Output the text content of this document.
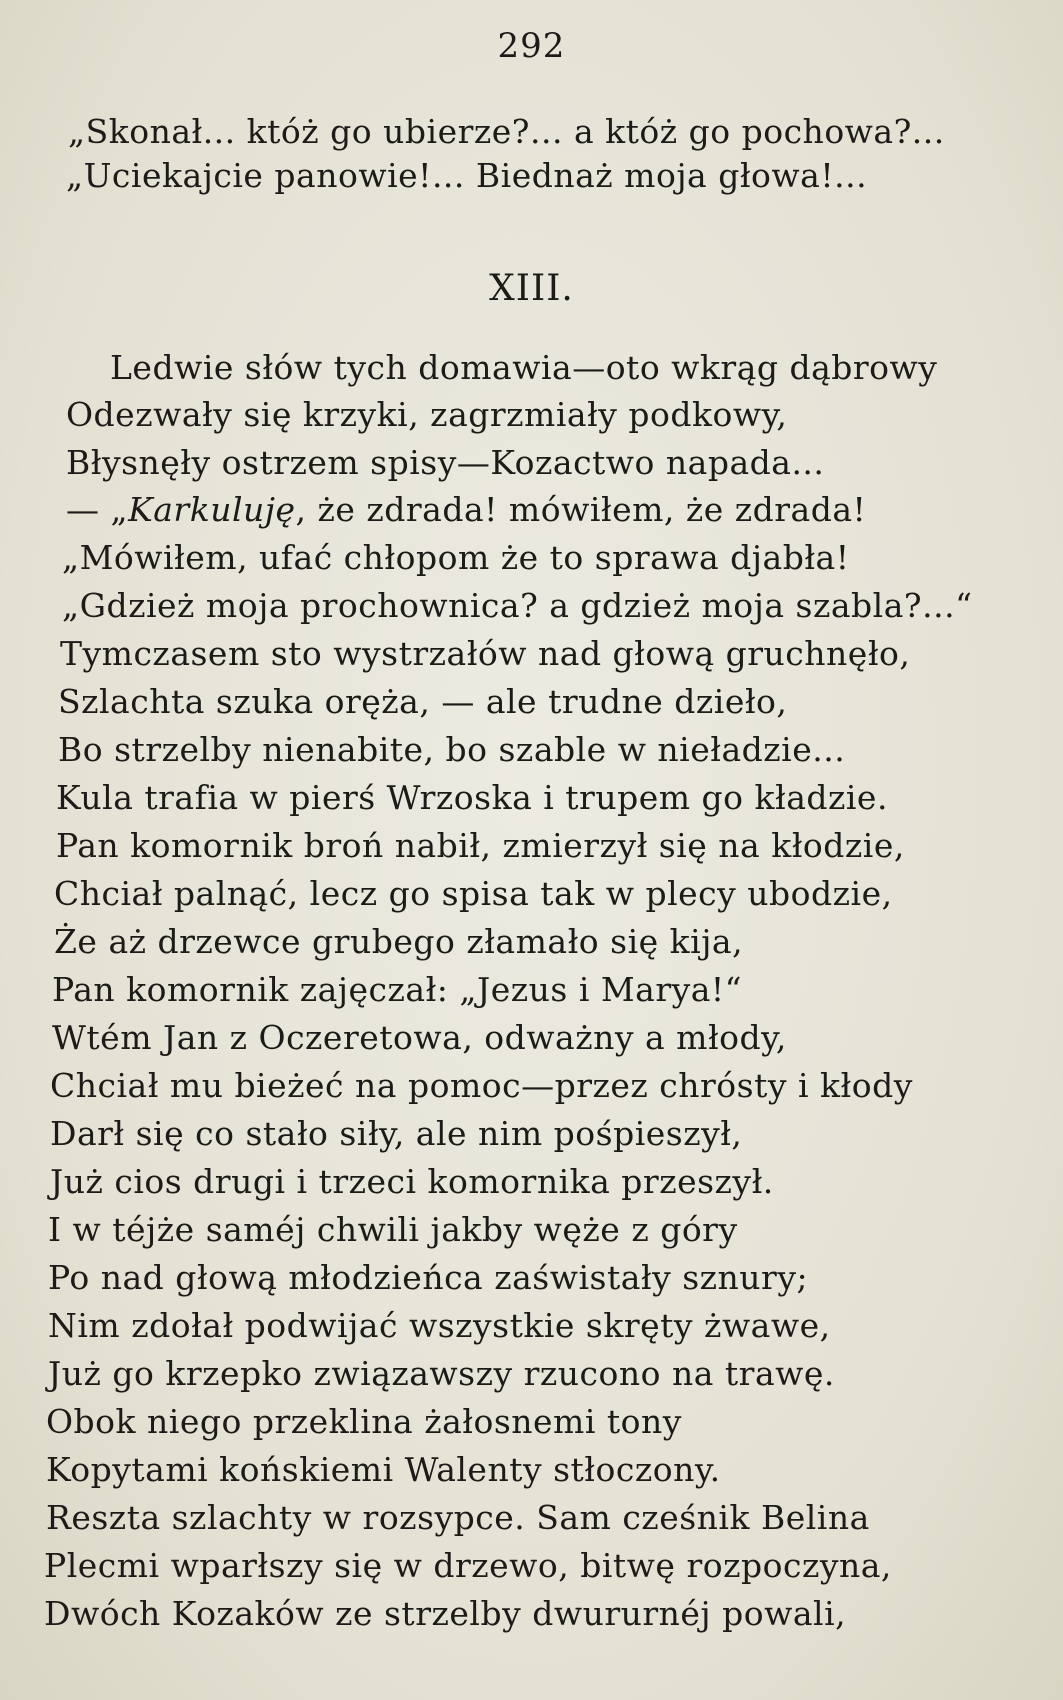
292
„Skonał... któż go ubierze?... a któż go pochowa?...
„Uciekajcie panowie!... Biednaż moja głowa!...
XIII.
Ledwie słów tych domawia—oto wkrąg dąbrowy
Odezwały się krzyki, zagrzmiały podkowy,
Błysnęły ostrzem spisy—Kozactwo napada...
— „Karkuluję, że zdrada! mówiłem, że zdrada!
„Mówiłem, ufać chłopom że to sprawa djabła!
„Gdzież moja prochownica? a gdzież moja szabla?...“
Tymczasem sto wystrzałów nad głową gruchnęło,
Szlachta szuka oręża, — ale trudne dzieło,
Bo strzelby nienabite, bo szable w nieładzie...
Kula trafia w pierś Wrzoska i trupem go kładzie.
Pan komornik broń nabił, zmierzył się na kłodzie,
Chciał palnąć, lecz go spisa tak w plecy ubodzie,
Że aż drzewce grubego złamało się kija,
Pan komornik zajęczał: „Jezus i Marya!“
Wtém Jan z Oczeretowa, odważny a młody,
Chciał mu bieżeć na pomoc—przez chrósty i kłody
Darł się co stało siły, ale nim pośpieszył,
Już cios drugi i trzeci komornika przeszył.
I w téjże saméj chwili jakby węże z góry
Po nad głową młodzieńca zaświstały sznury;
Nim zdołał podwijać wszystkie skręty żwawe,
Już go krzepko związawszy rzucono na trawę.
Obok niego przeklina żałosnemi tony
Kopytami końskiemi Walenty stłoczony.
Reszta szlachty w rozsypce. Sam cześnik Belina
Plecmi wparłszy się w drzewo, bitwę rozpoczyna,
Dwóch Kozaków ze strzelby dwururnéj powali,
